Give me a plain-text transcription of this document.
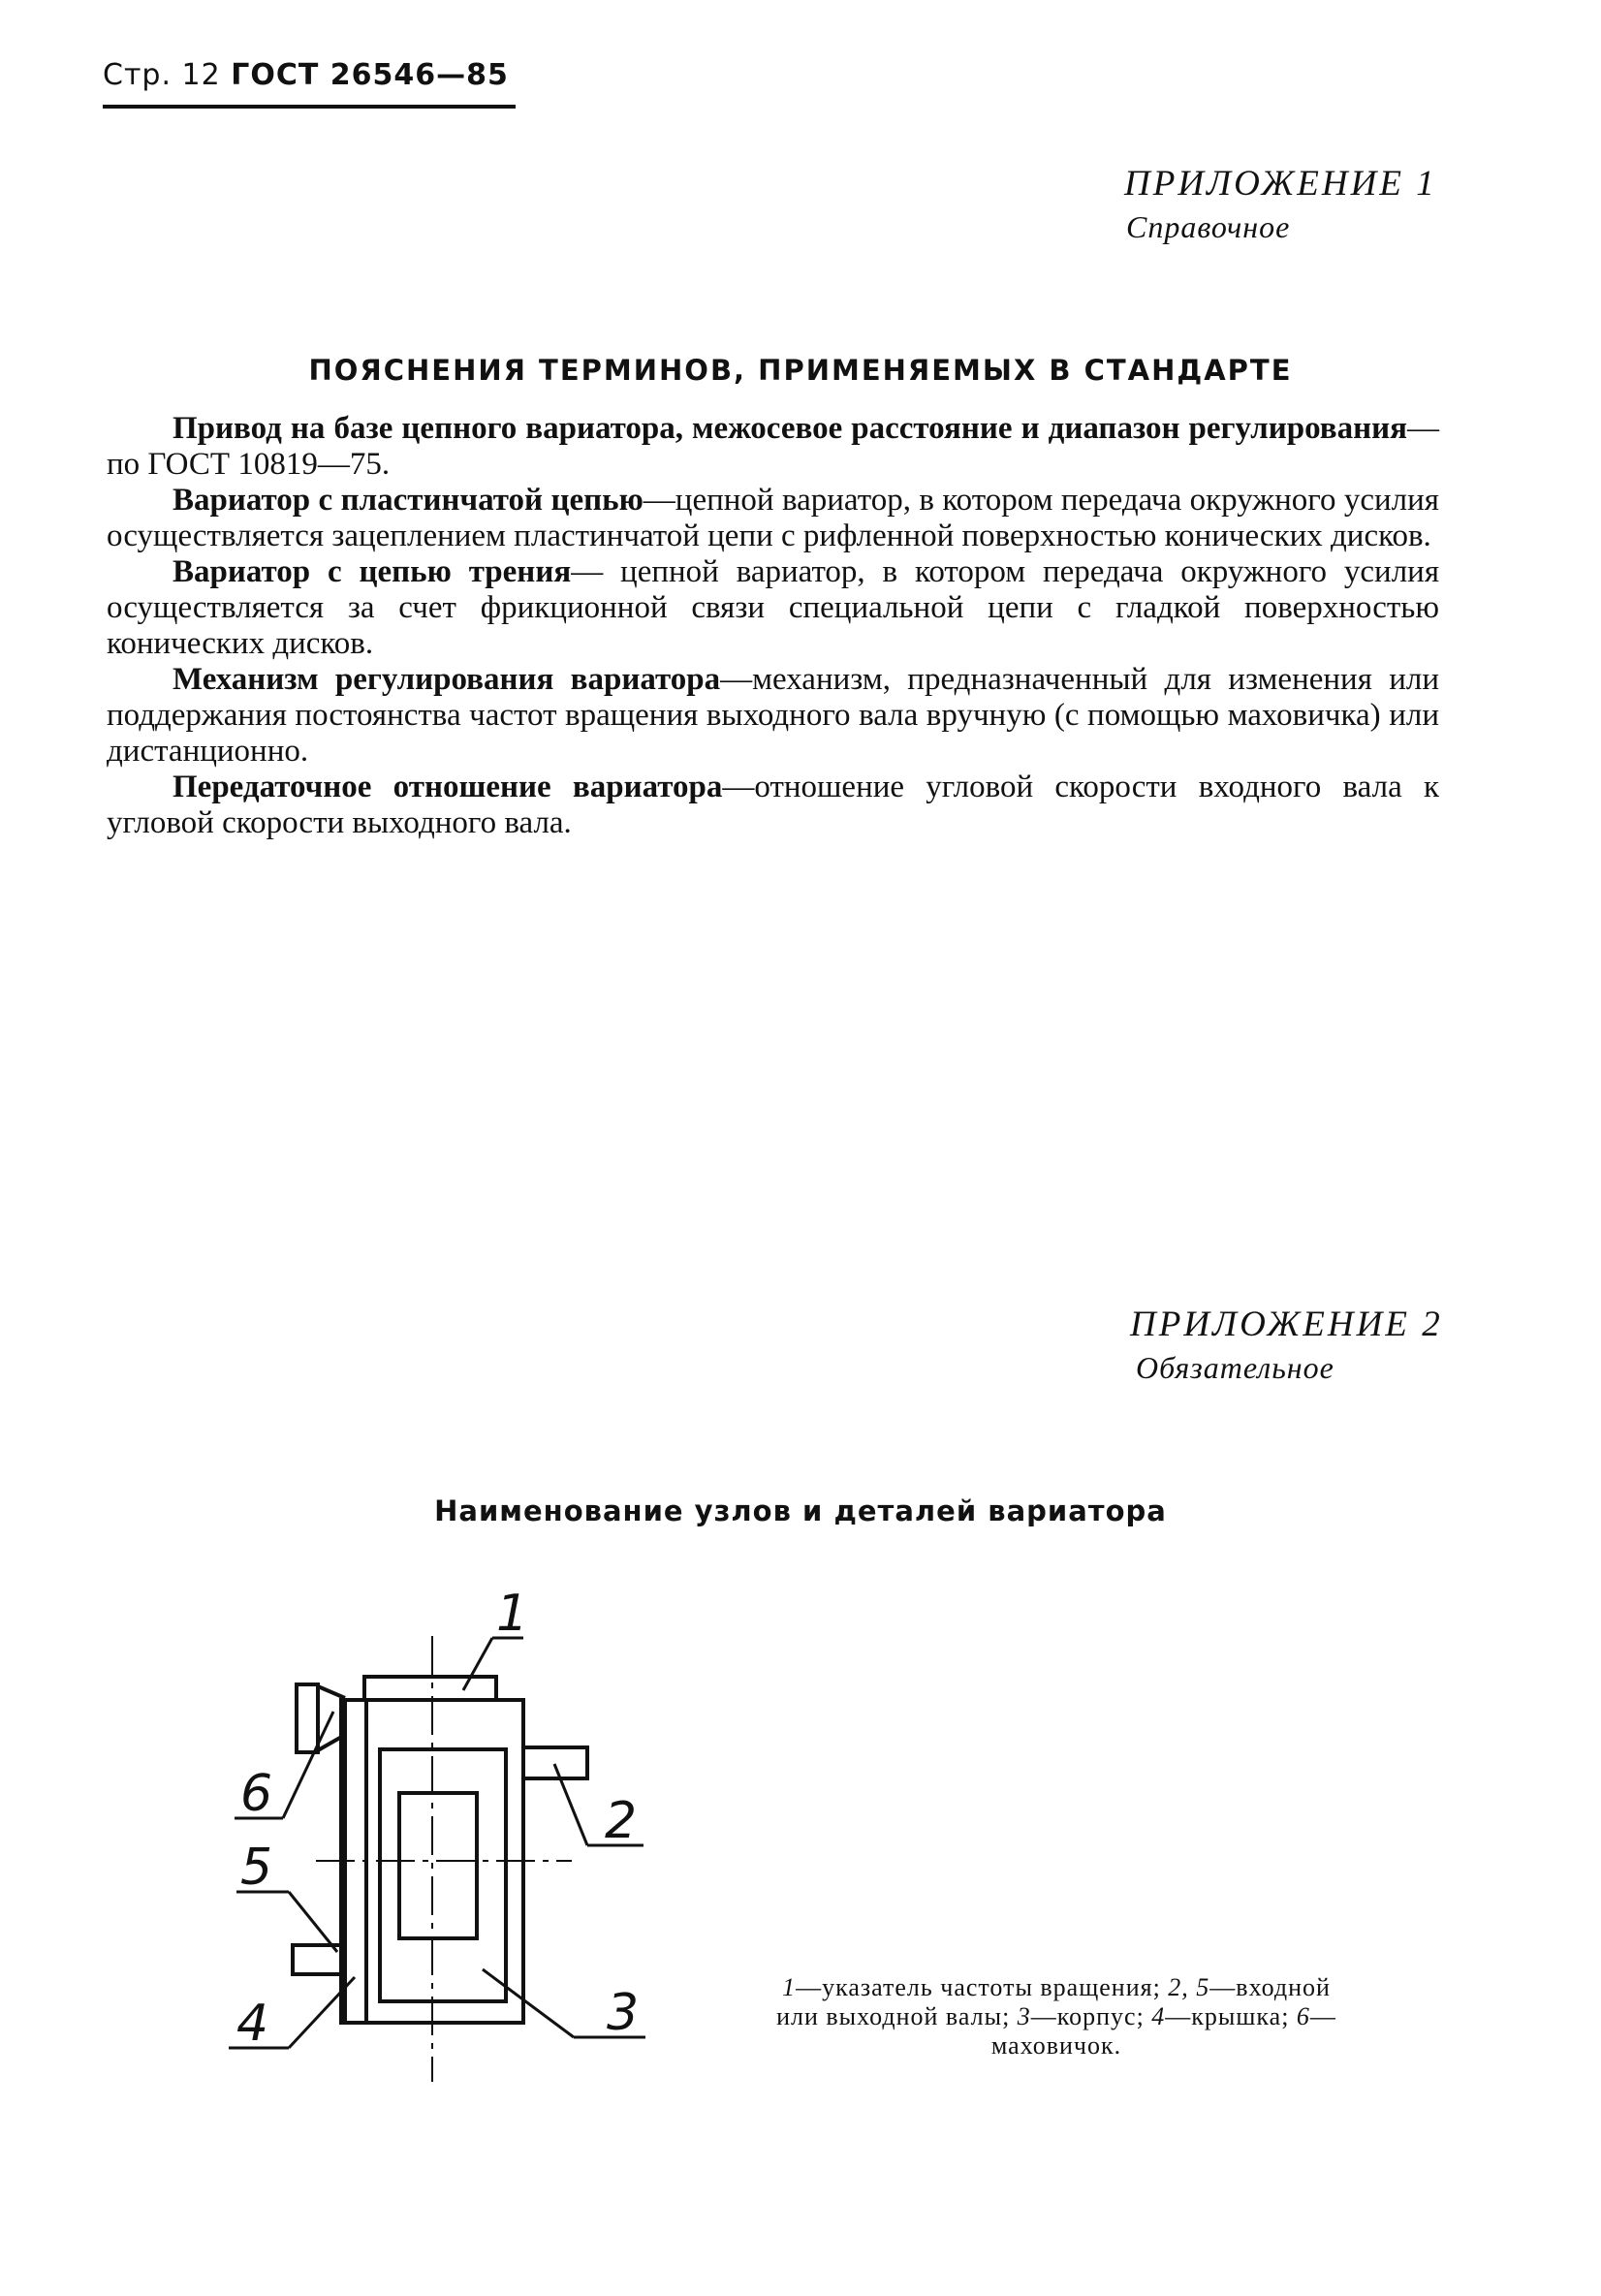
Стр. 12 ГОСТ 26546—85
ПРИЛОЖЕНИЕ 1
Справочное
ПОЯСНЕНИЯ ТЕРМИНОВ, ПРИМЕНЯЕМЫХ В СТАНДАРТЕ

Привод на базе цепного вариатора, межосевое расстояние и диапазон регулирования—по ГОСТ 10819—75.

Вариатор с пластинчатой цепью—цепной вариатор, в котором передача окружного усилия осуществляется зацеплением пластинчатой цепи с рифленной поверхностью конических дисков.

Вариатор с цепью трения— цепной вариатор, в котором передача окружного усилия осуществляется за счет фрикционной связи специальной цепи с гладкой поверхностью конических дисков.

Механизм регулирования вариатора—механизм, предназначенный для изменения или поддержания постоянства частот вращения выходного вала вручную (с помощью маховичка) или дистанционно.

Передаточное отношение вариатора—отношение угловой скорости входного вала к угловой скорости выходного вала.

ПРИЛОЖЕНИЕ 2
Обязательное
Наименование узлов и деталей вариатора
1
2
3
4
5
6
1—указатель частоты вращения; 2, 5—входной или выходной валы; 3—корпус; 4—крышка; 6—маховичок.
